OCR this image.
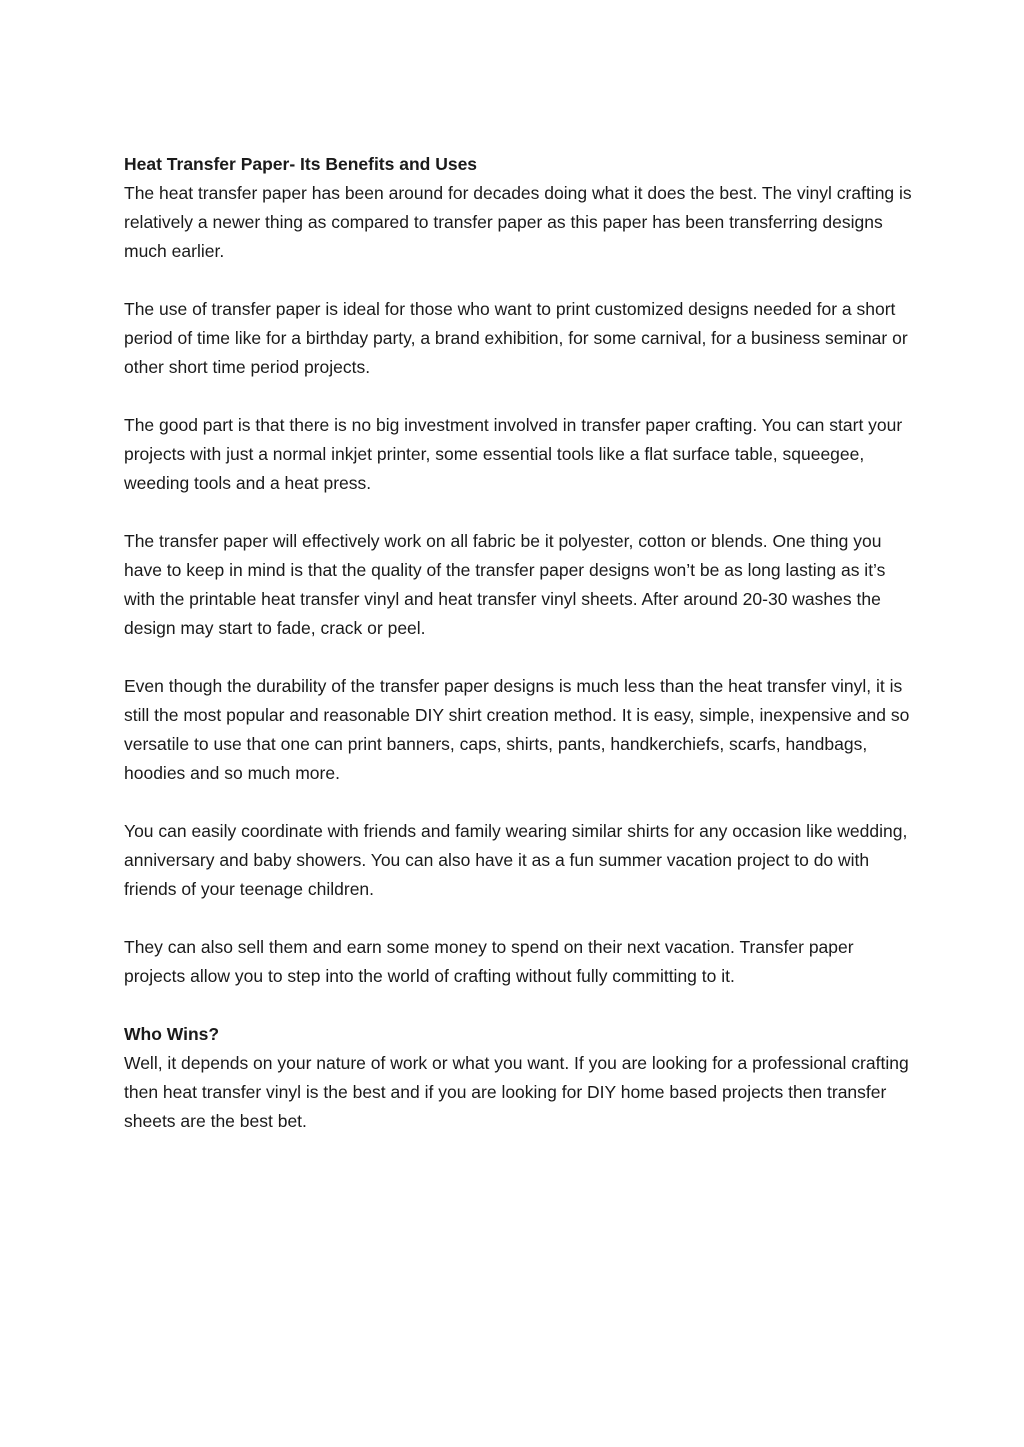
Heat Transfer Paper- Its Benefits and Uses
The heat transfer paper has been around for decades doing what it does the best. The vinyl crafting is relatively a newer thing as compared to transfer paper as this paper has been transferring designs much earlier.
The use of transfer paper is ideal for those who want to print customized designs needed for a short period of time like for a birthday party, a brand exhibition, for some carnival, for a business seminar or other short time period projects.
The good part is that there is no big investment involved in transfer paper crafting. You can start your projects with just a normal inkjet printer, some essential tools like a flat surface table, squeegee, weeding tools and a heat press.
The transfer paper will effectively work on all fabric be it polyester, cotton or blends. One thing you have to keep in mind is that the quality of the transfer paper designs won’t be as long lasting as it’s with the printable heat transfer vinyl and heat transfer vinyl sheets. After around 20-30 washes the design may start to fade, crack or peel.
Even though the durability of the transfer paper designs is much less than the heat transfer vinyl, it is still the most popular and reasonable DIY shirt creation method. It is easy, simple, inexpensive and so versatile to use that one can print banners, caps, shirts, pants, handkerchiefs, scarfs, handbags, hoodies and so much more.
You can easily coordinate with friends and family wearing similar shirts for any occasion like wedding, anniversary and baby showers. You can also have it as a fun summer vacation project to do with friends of your teenage children.
They can also sell them and earn some money to spend on their next vacation. Transfer paper projects allow you to step into the world of crafting without fully committing to it.
Who Wins?
Well, it depends on your nature of work or what you want. If you are looking for a professional crafting then heat transfer vinyl is the best and if you are looking for DIY home based projects then transfer sheets are the best bet.
